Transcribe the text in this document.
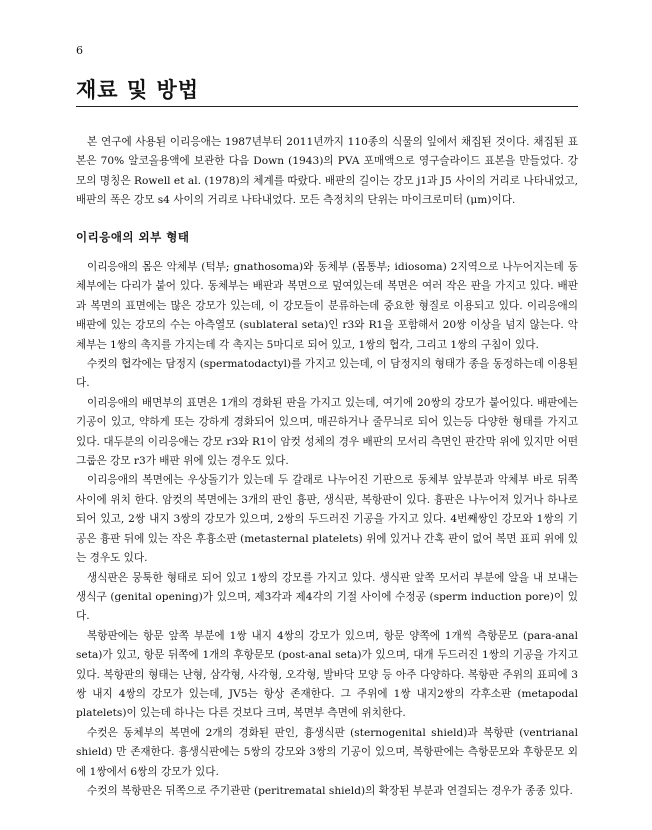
6
재료 및 방법

본 연구에 사용된 이리응애는 1987년부터 2011년까지 110종의 식물의 잎에서 채집된 것이다. 채집된 표본은 70% 알코올용액에 보관한 다음 Down (1943)의 PVA 포매액으로 영구슬라이드 표본을 만들었다. 강모의 명칭은 Rowell et al. (1978)의 체계를 따랐다. 배판의 길이는 강모 j1과 J5 사이의 거리로 나타내었고, 배판의 폭은 강모 s4 사이의 거리로 나타내었다. 모든 측정치의 단위는 마이크로미터 (μm)이다.

이리응애의 외부 형태

이리응애의 몸은 악체부 (턱부; gnathosoma)와 동체부 (몸통부; idiosoma) 2지역으로 나누어지는데 동체부에는 다리가 붙어 있다. 동체부는 배판과 복면으로 덮여있는데 복면은 여러 작은 판을 가지고 있다. 배판과 복면의 표면에는 많은 강모가 있는데, 이 강모들이 분류하는데 중요한 형질로 이용되고 있다. 이리응애의 배판에 있는 강모의 수는 아측열모 (sublateral seta)인 r3와 R1을 포함해서 20쌍 이상을 넘지 않는다. 악체부는 1쌍의 촉지를 가지는데 각 촉지는 5마디로 되어 있고, 1쌍의 협각, 그리고 1쌍의 구침이 있다.

수컷의 협각에는 담정지 (spermatodactyl)를 가지고 있는데, 이 담정지의 형태가 종을 동정하는데 이용된다.

이리응애의 배면부의 표면은 1개의 경화된 판을 가지고 있는데, 여기에 20쌍의 강모가 붙어있다. 배판에는 기공이 있고, 약하게 또는 강하게 경화되어 있으며, 매끈하거나 줄무늬로 되어 있는등 다양한 형태를 가지고 있다. 대두분의 이리응애는 강모 r3와 R1이 암컷 성체의 경우 배판의 모서리 측면인 판간막 위에 있지만 어떤 그룹은 강모 r3가 배판 위에 있는 경우도 있다.

이리응애의 복면에는 우상돌기가 있는데 두 갈래로 나누어진 기판으로 동체부 앞부분과 악체부 바로 뒤쪽 사이에 위치 한다. 암컷의 복면에는 3개의 판인 흉판, 생식판, 복항판이 있다. 흉판은 나누어져 있거나 하나로 되어 있고, 2쌍 내지 3쌍의 강모가 있으며, 2쌍의 두드러진 기공을 가지고 있다. 4번째쌍인 강모와 1쌍의 기공은 흉판 뒤에 있는 작은 후흉소판 (metasternal platelets) 위에 있거나 간혹 판이 없어 복면 표피 위에 있는 경우도 있다.

생식판은 뭉툭한 형태로 되어 있고 1쌍의 강모를 가지고 있다. 생식판 앞쪽 모서리 부분에 알을 내 보내는 생식구 (genital opening)가 있으며, 제3각과 제4각의 기절 사이에 수정공 (sperm induction pore)이 있다.

복항판에는 항문 앞쪽 부분에 1쌍 내지 4쌍의 강모가 있으며, 항문 양쪽에 1개씩 측항문모 (para-anal seta)가 있고, 항문 뒤쪽에 1개의 후항문모 (post-anal seta)가 있으며, 대개 두드러진 1쌍의 기공을 가지고 있다. 복항판의 형태는 난형, 삼각형, 사각형, 오각형, 발바닥 모양 등 아주 다양하다. 복항판 주위의 표피에 3쌍 내지 4쌍의 강모가 있는데, JV5는 항상 존재한다. 그 주위에 1쌍 내지2쌍의 각후소판 (metapodal platelets)이 있는데 하나는 다른 것보다 크며, 복면부 측면에 위치한다.

수컷은 동체부의 복면에 2개의 경화된 판인, 흉생식판 (sternogenital shield)과 복항판 (ventrianal shield) 만 존재한다. 흉생식판에는 5쌍의 강모와 3쌍의 기공이 있으며, 복항판에는 측항문모와 후항문모 외에 1쌍에서 6쌍의 강모가 있다.

수컷의 복항판은 뒤쪽으로 주기관판 (peritrematal shield)의 확장된 부분과 연결되는 경우가 종종 있다.
